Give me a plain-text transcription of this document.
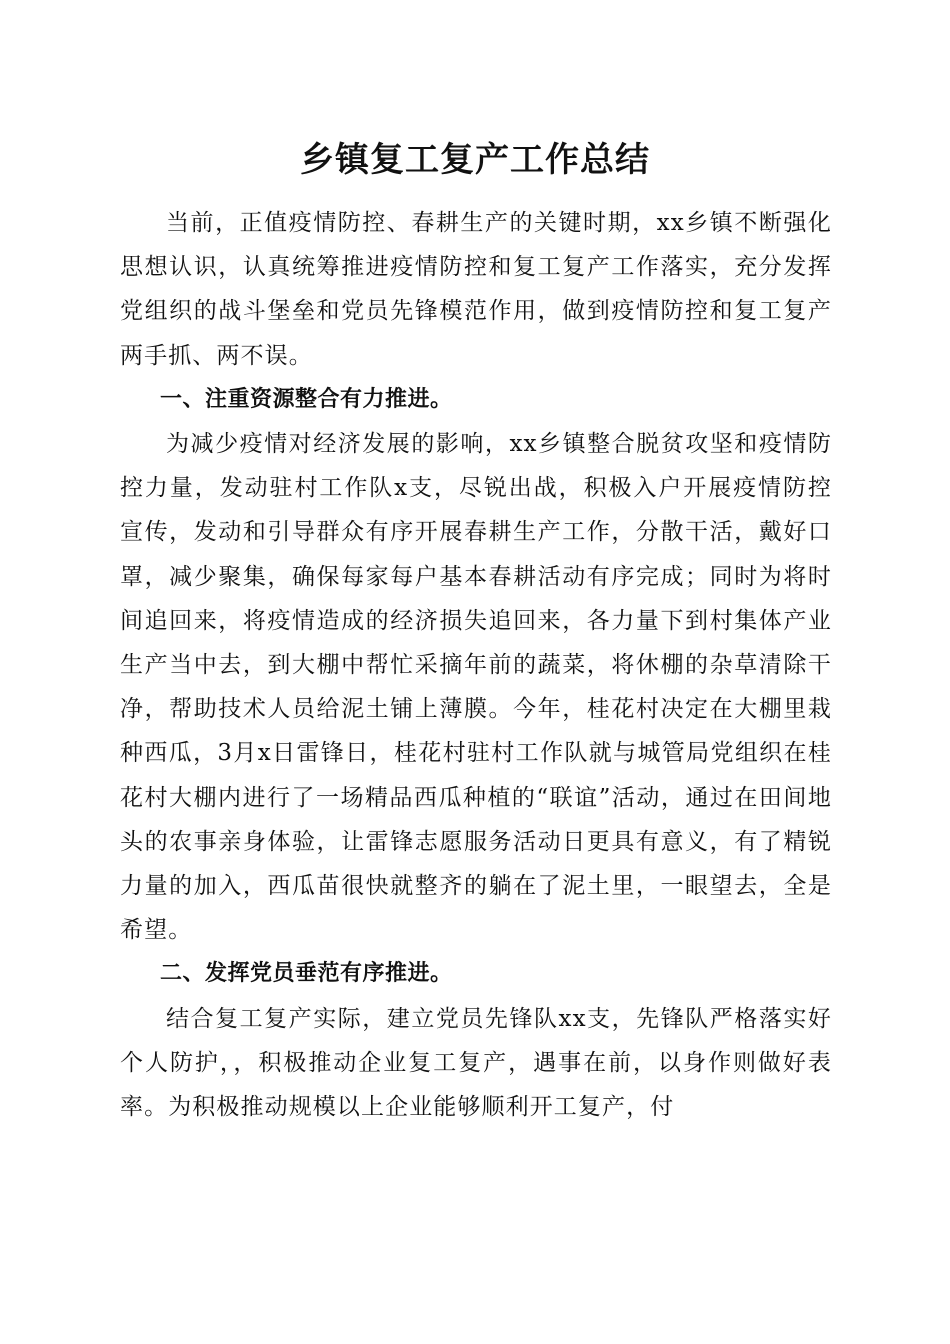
乡镇复工复产工作总结

当前，正值疫情防控、春耕生产的关键时期，xx乡镇不断强化思想认识，认真统筹推进疫情防控和复工复产工作落实，充分发挥党组织的战斗堡垒和党员先锋模范作用，做到疫情防控和复工复产两手抓、两不误。

一、注重资源整合有力推进。

为减少疫情对经济发展的影响，xx乡镇整合脱贫攻坚和疫情防控力量，发动驻村工作队x支，尽锐出战，积极入户开展疫情防控宣传，发动和引导群众有序开展春耕生产工作，分散干活，戴好口罩，减少聚集，确保每家每户基本春耕活动有序完成；同时为将时间追回来，将疫情造成的经济损失追回来，各力量下到村集体产业生产当中去，到大棚中帮忙采摘年前的蔬菜，将休棚的杂草清除干净，帮助技术人员给泥土铺上薄膜。今年，桂花村决定在大棚里栽种西瓜，3月x日雷锋日，桂花村驻村工作队就与城管局党组织在桂花村大棚内进行了一场精品西瓜种植的“联谊”活动，通过在田间地头的农事亲身体验，让雷锋志愿服务活动日更具有意义，有了精锐力量的加入，西瓜苗很快就整齐的躺在了泥土里，一眼望去，全是希望。

二、发挥党员垂范有序推进。

结合复工复产实际，建立党员先锋队xx支，先锋队严格落实好个人防护，，积极推动企业复工复产，遇事在前，以身作则做好表率。为积极推动规模以上企业能够顺利开工复产，付
